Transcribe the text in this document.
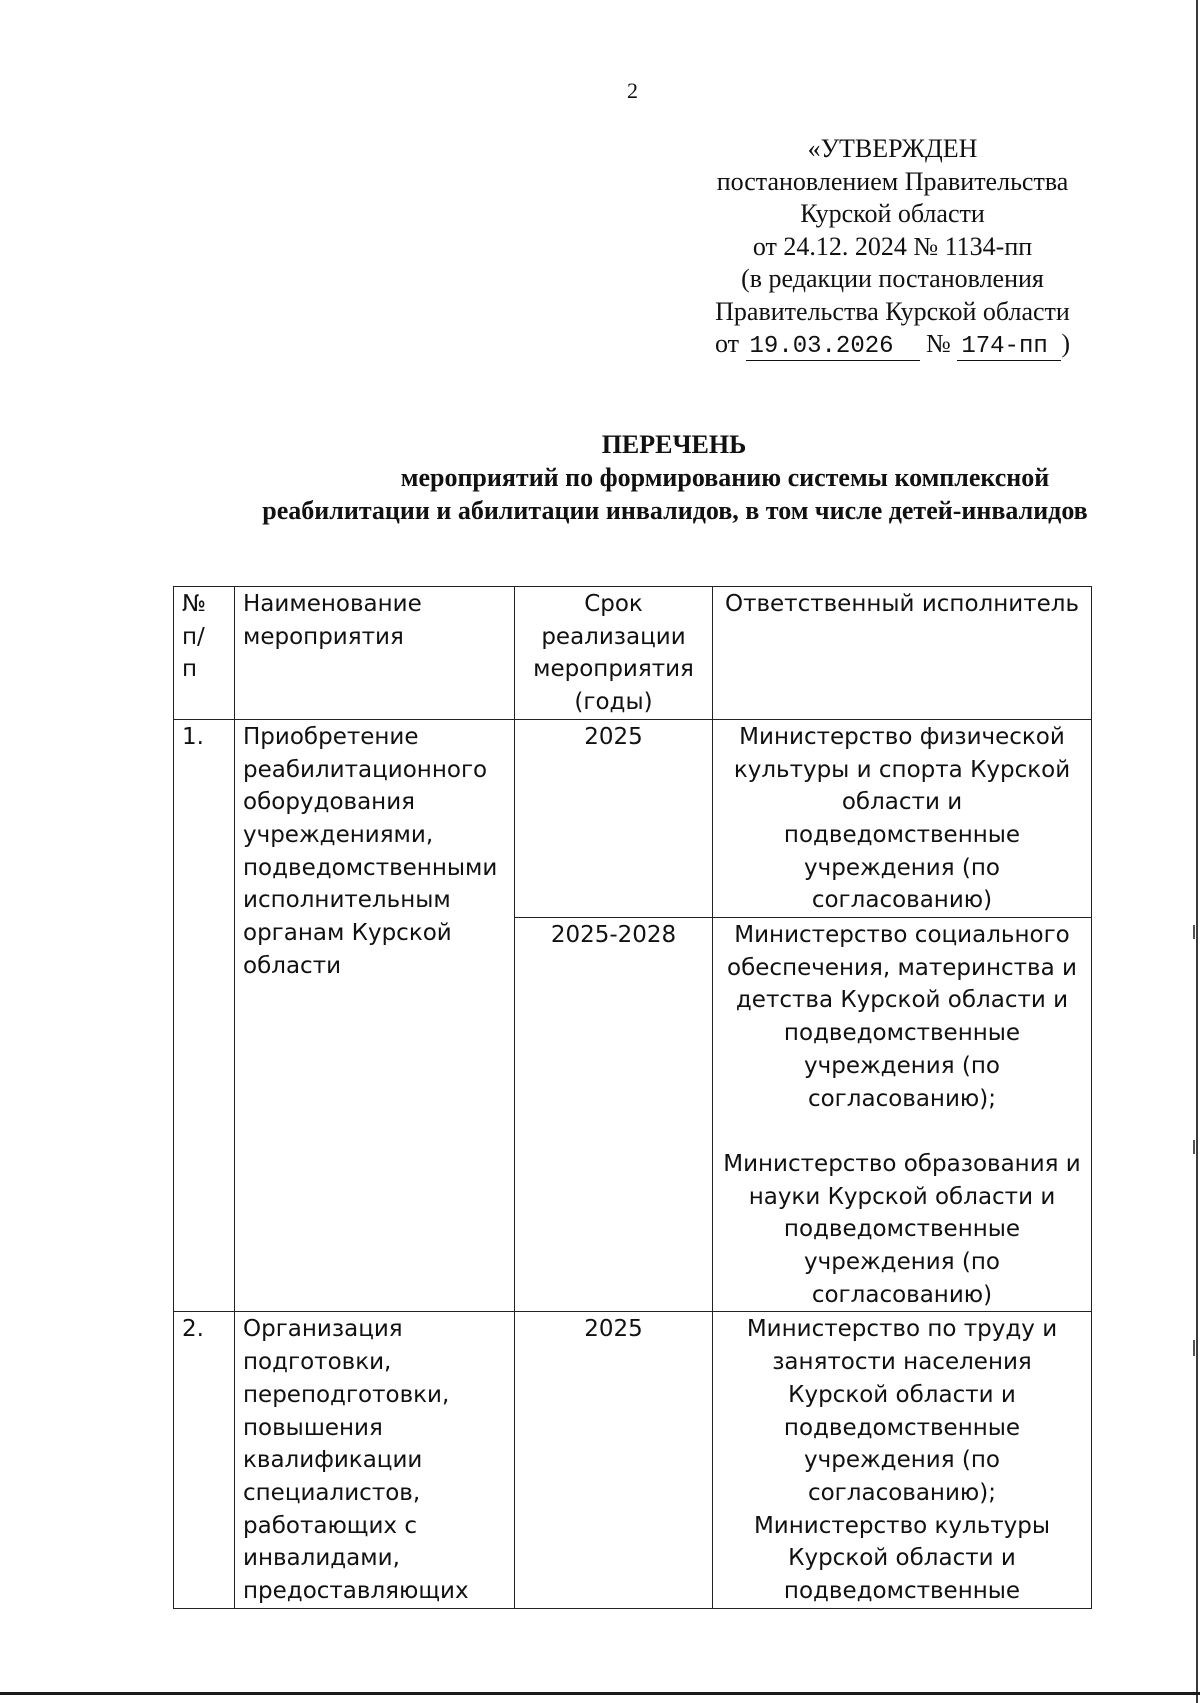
2
«УТВЕРЖДЕН
постановлением Правительства
Курской области
от 24.12. 2024 № 1134-пп
(в редакции постановления
Правительства Курской области
от 19.03.2026 № 174-пп )
ПЕРЕЧЕНЬ
мероприятий по формированию системы комплексной
реабилитации и абилитации инвалидов, в том числе детей-инвалидов
№ п/ п	Наименование мероприятия	Срок реализации мероприятия (годы)	Ответственный исполнитель
1.	Приобретение реабилитационного оборудования учреждениями, подведомственными исполнительным органам Курской области	2025	Министерство физической культуры и спорта Курской области и подведомственные учреждения (по согласованию)
		2025-2028	Министерство социального обеспечения, материнства и детства Курской области и подведомственные учреждения (по согласованию);
Министерство образования и науки Курской области и подведомственные учреждения (по согласованию)
2.	Организация подготовки, переподготовки, повышения квалификации специалистов, работающих с инвалидами, предоставляющих	2025	Министерство по труду и занятости населения Курской области и подведомственные учреждения (по согласованию); Министерство культуры Курской области и подведомственные
